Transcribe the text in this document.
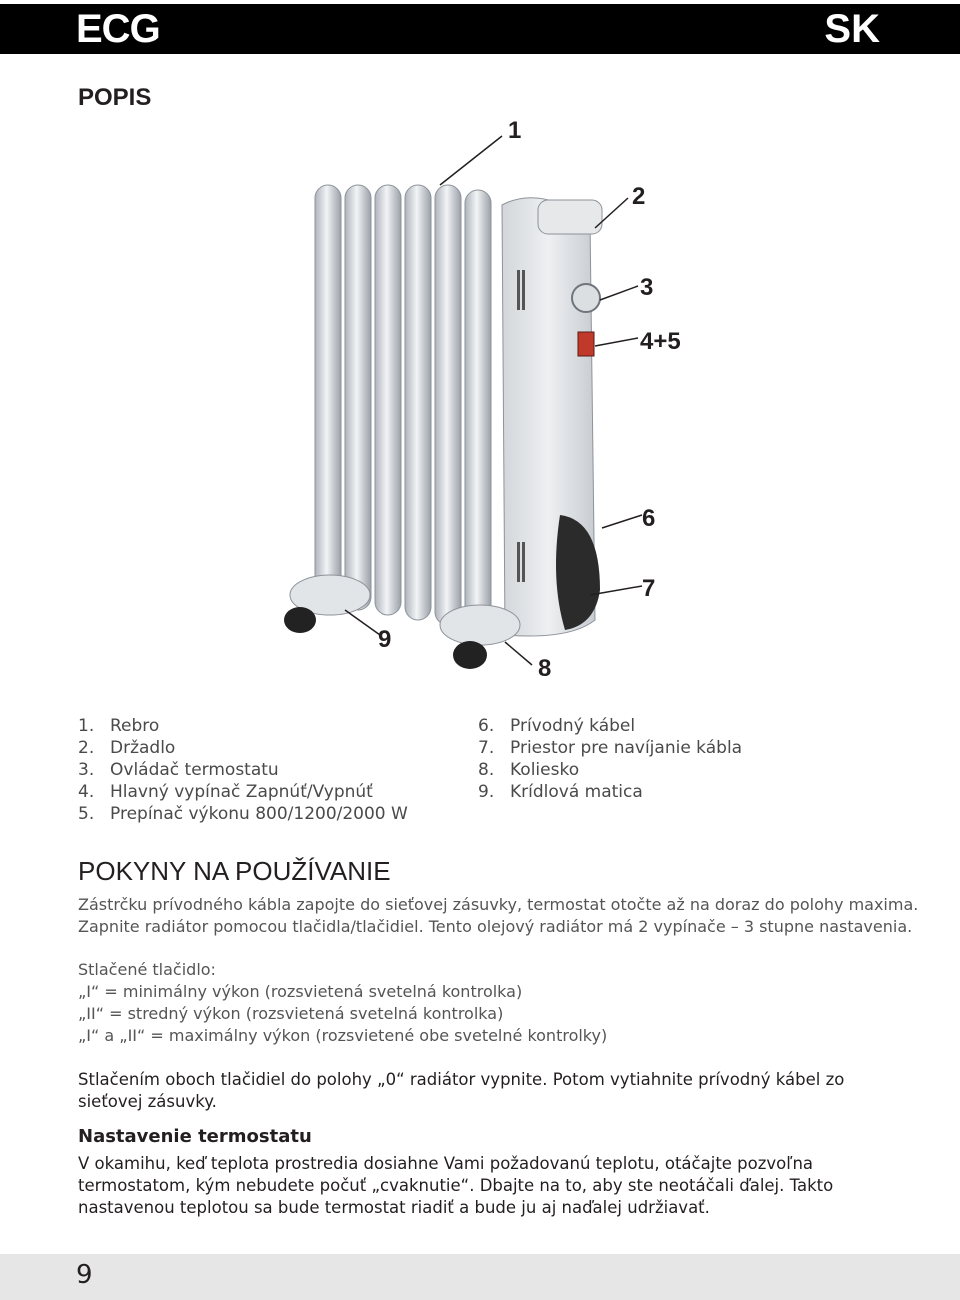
ECG	SK
POPIS
1
2
3
4+5
6
7
8
9
1. Rebro
2. Držadlo
3. Ovládač termostatu
4. Hlavný vypínač Zapnúť/Vypnúť
5. Prepínač výkonu 800/1200/2000 W
6. Prívodný kábel
7. Priestor pre navíjanie kábla
8. Koliesko
9. Krídlová matica
POKYNY NA POUŽÍVANIE
Zástrčku prívodného kábla zapojte do sieťovej zásuvky, termostat otočte až na doraz do polohy maxima.
Zapnite radiátor pomocou tlačidla/tlačidiel. Tento olejový radiátor má 2 vypínače – 3 stupne nastavenia.
Stlačené tlačidlo:
„I“ = minimálny výkon (rozsvietená svetelná kontrolka)
„II“ = stredný výkon (rozsvietená svetelná kontrolka)
„I“ a „II“ = maximálny výkon (rozsvietené obe svetelné kontrolky)
Stlačením oboch tlačidiel do polohy „0“ radiátor vypnite. Potom vytiahnite prívodný kábel zo sieťovej zásuvky.
Nastavenie termostatu
V okamihu, keď teplota prostredia dosiahne Vami požadovanú teplotu, otáčajte pozvoľna termostatom, kým nebudete počuť „cvaknutie“. Dbajte na to, aby ste neotáčali ďalej. Takto nastavenou teplotou sa bude termostat riadiť a bude ju aj naďalej udržiavať.
9
